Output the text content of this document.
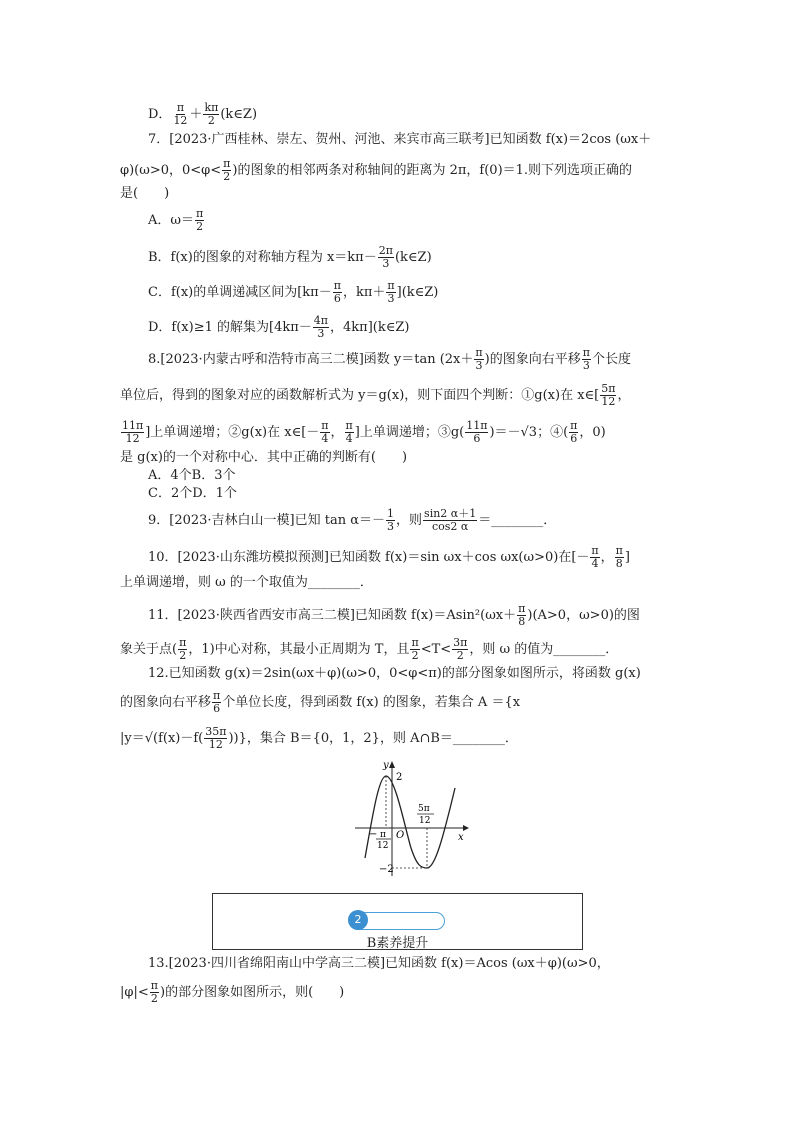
D． $\frac{\pi}{12} + \frac{k\pi}{2}$ (k∈Z)
7．[2023·广西桂林、崇左、贺州、河池、来宾市高三联考]已知函数 f(x)＝2cos (ωx＋
φ)(ω>0，$0<\varphi< \frac{\pi}{2}$ )的图象的相邻两条对称轴间的距离为 2π，f(0)＝1.则下列选项正确的
是(　　)
A．$\omega= \frac{\pi}{2}$
B．f(x)的图象的对称轴方程为 $x=k\pi- \frac{2\pi}{3}$ (k∈Z)
C．f(x)的单调递减区间为[$k\pi- \frac{\pi}{6}$ ，$k\pi+ \frac{\pi}{3}$ ](k∈Z)
D．f(x)≥1 的解集为[$4k\pi- \frac{4\pi}{3}$ ，4kπ](k∈Z)
8.[2023·内蒙古呼和浩特市高三二模]函数 y＝tan ($2x+ \frac{\pi}{3}$ )的图象向右平移 $\frac{\pi}{3}$ 个长度
单位后，得到的图象对应的函数解析式为 y＝g(x)，则下面四个判断：①g(x)在 x∈[ $\frac{5\pi}{12}$ ，
$\frac{11\pi}{12}$ ]上单调递增；②g(x)在 x∈[－ $\frac{\pi}{4}$ ， $\frac{\pi}{4}$ ]上单调递增；③g( $\frac{11\pi}{6} )=-√3$；④( $\frac{\pi}{6}$ ，0)
是 g(x)的一个对称中心．其中正确的判断有(　　)
A．4个B．3个
C．2个D．1个
9．[2023·吉林白山一模]已知 $\tan \alpha=- \frac{1}{3}$ ，则 $\frac{\sin 2 \alpha+1}{\cos 2 \alpha}$ ＝________．
10．[2023·山东潍坊模拟预测]已知函数 f(x)＝sin ωx＋cos ωx(ω>0)在[－ $\frac{\pi}{4}$ ， $\frac{\pi}{8}$ ]
上单调递增，则 ω 的一个取值为________．
11．[2023·陕西省西安市高三二模]已知函数 $f(x)=Asin^2(\omega x+ \frac{\pi}{8} )(A>0$，ω>0)的图
象关于点( $\frac{\pi}{2}$ ，1)中心对称，其最小正周期为 T，且 $\frac{\pi}{2} <T< \frac{3\pi}{2}$ ，则 ω 的值为________．
12.已知函数 g(x)＝2sin(ωx＋φ)(ω>0，0<φ<π)的部分图象如图所示，将函数 g(x)
的图象向右平移 $\frac{\pi}{6}$ 个单位长度，得到函数 f(x) 的图象，若集合 A ＝{x
$|y=√(f(x)-f( \frac{35\pi}{12}$ ))}，集合 B＝{0，1，2}，则 A∩B＝________．
y
x
O
2
−2
− π
12
5π
12
2
B素养提升
13.[2023·四川省绵阳南山中学高三二模]已知函数 f(x)＝Acos (ωx＋φ)(ω>0，
$|\varphi|< \frac{\pi}{2}$ )的部分图象如图所示，则(　　)
